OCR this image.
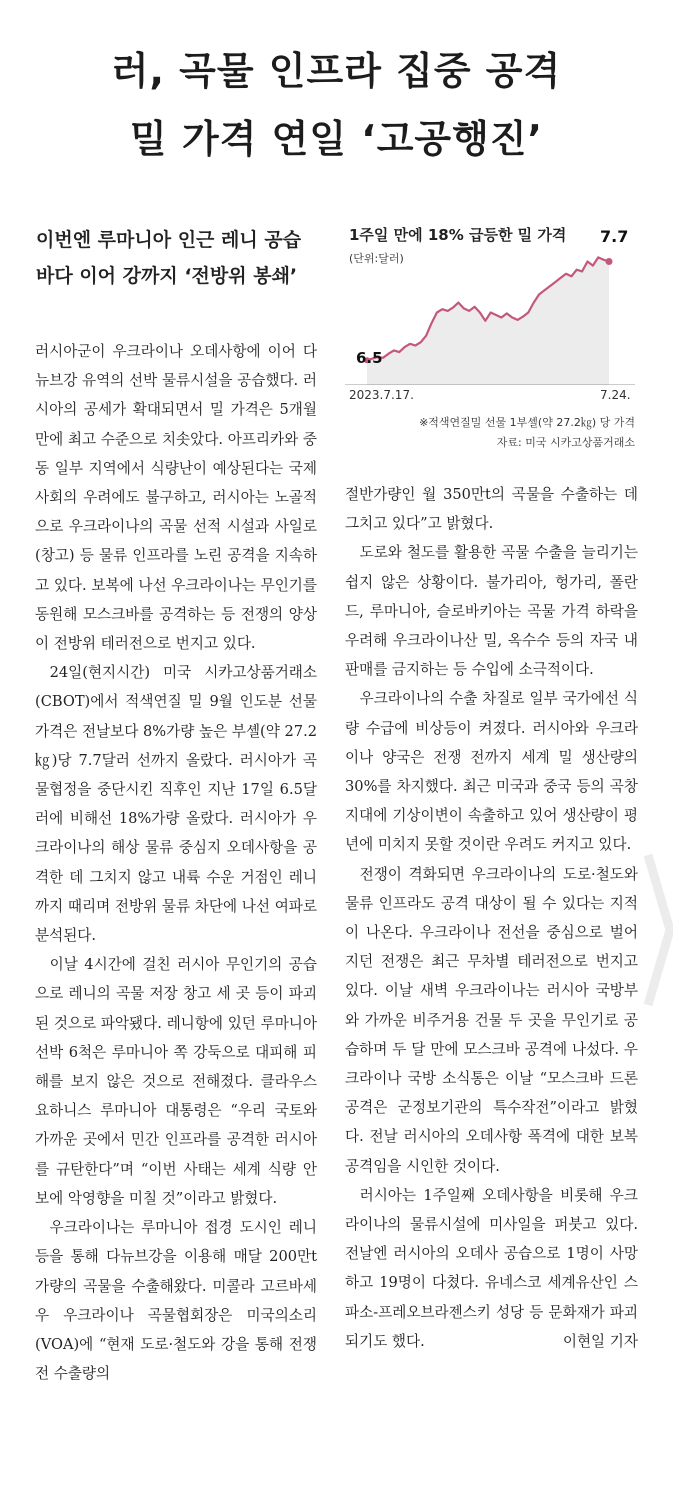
러, 곡물 인프라 집중 공격
밀 가격 연일 ‘고공행진’
이번엔 루마니아 인근 레니 공습
바다 이어 강까지 ‘전방위 봉쇄’
1주일 만에 18% 급등한 밀 가격
(단위:달러)
7.7
6.5
2023.7.17.	7.24.
※적색연질밀 선물 1부셸(약 27.2㎏) 당 가격
자료: 미국 시카고상품거래소

러시아군이 우크라이나 오데사항에 이어 다뉴브강 유역의 선박 물류시설을 공습했다. 러시아의 공세가 확대되면서 밀 가격은 5개월 만에 최고 수준으로 치솟았다. 아프리카와 중동 일부 지역에서 식량난이 예상된다는 국제 사회의 우려에도 불구하고, 러시아는 노골적으로 우크라이나의 곡물 선적 시설과 사일로(창고) 등 물류 인프라를 노린 공격을 지속하고 있다. 보복에 나선 우크라이나는 무인기를 동원해 모스크바를 공격하는 등 전쟁의 양상이 전방위 테러전으로 번지고 있다.

24일(현지시간) 미국 시카고상품거래소(CBOT)에서 적색연질 밀 9월 인도분 선물 가격은 전날보다 8%가량 높은 부셸(약 27.2㎏)당 7.7달러 선까지 올랐다. 러시아가 곡물협정을 중단시킨 직후인 지난 17일 6.5달러에 비해선 18%가량 올랐다. 러시아가 우크라이나의 해상 물류 중심지 오데사항을 공격한 데 그치지 않고 내륙 수운 거점인 레니까지 때리며 전방위 물류 차단에 나선 여파로 분석된다.

이날 4시간에 걸친 러시아 무인기의 공습으로 레니의 곡물 저장 창고 세 곳 등이 파괴된 것으로 파악됐다. 레니항에 있던 루마니아 선박 6척은 루마니아 쪽 강둑으로 대피해 피해를 보지 않은 것으로 전해졌다. 클라우스 요하니스 루마니아 대통령은 “우리 국토와 가까운 곳에서 민간 인프라를 공격한 러시아를 규탄한다”며 “이번 사태는 세계 식량 안보에 악영향을 미칠 것”이라고 밝혔다.

우크라이나는 루마니아 접경 도시인 레니 등을 통해 다뉴브강을 이용해 매달 200만t가량의 곡물을 수출해왔다. 미콜라 고르바세우 우크라이나 곡물협회장은 미국의소리(VOA)에 “현재 도로·철도와 강을 통해 전쟁 전 수출량의

절반가량인 월 350만t의 곡물을 수출하는 데 그치고 있다”고 밝혔다.

도로와 철도를 활용한 곡물 수출을 늘리기는 쉽지 않은 상황이다. 불가리아, 헝가리, 폴란드, 루마니아, 슬로바키아는 곡물 가격 하락을 우려해 우크라이나산 밀, 옥수수 등의 자국 내 판매를 금지하는 등 수입에 소극적이다.

우크라이나의 수출 차질로 일부 국가에선 식량 수급에 비상등이 켜졌다. 러시아와 우크라이나 양국은 전쟁 전까지 세계 밀 생산량의 30%를 차지했다. 최근 미국과 중국 등의 곡창지대에 기상이변이 속출하고 있어 생산량이 평년에 미치지 못할 것이란 우려도 커지고 있다.

전쟁이 격화되면 우크라이나의 도로·철도와 물류 인프라도 공격 대상이 될 수 있다는 지적이 나온다. 우크라이나 전선을 중심으로 벌어지던 전쟁은 최근 무차별 테러전으로 번지고 있다. 이날 새벽 우크라이나는 러시아 국방부와 가까운 비주거용 건물 두 곳을 무인기로 공습하며 두 달 만에 모스크바 공격에 나섰다. 우크라이나 국방 소식통은 이날 “모스크바 드론 공격은 군정보기관의 특수작전”이라고 밝혔다. 전날 러시아의 오데사항 폭격에 대한 보복 공격임을 시인한 것이다.

러시아는 1주일째 오데사항을 비롯해 우크라이나의 물류시설에 미사일을 퍼붓고 있다. 전날엔 러시아의 오데사 공습으로 1명이 사망하고 19명이 다쳤다. 유네스코 세계유산인 스파소-프레오브라젠스키 성당 등 문화재가 파괴되기도 했다.	이현일 기자
